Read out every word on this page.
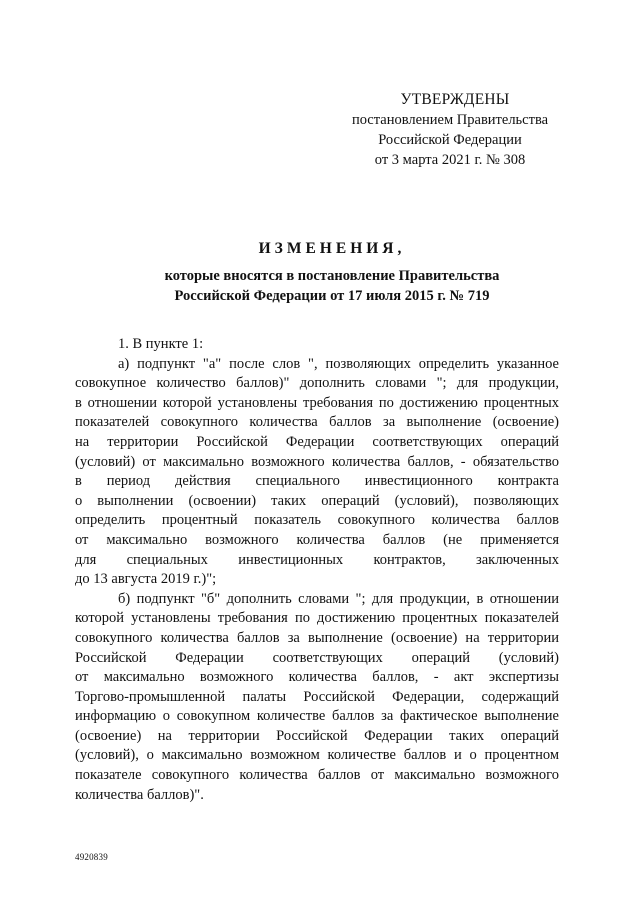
УТВЕРЖДЕНЫ
постановлением Правительства
Российской Федерации
от 3 марта 2021 г. № 308
ИЗМЕНЕНИЯ,
которые вносятся в постановление Правительства
Российской Федерации от 17 июля 2015 г. № 719

1. В пункте 1:

а) подпункт "а" после слов ", позволяющих определить указанное
совокупное количество баллов)" дополнить словами "; для продукции,
в отношении которой установлены требования по достижению процентных
показателей совокупного количества баллов за выполнение (освоение)
на территории Российской Федерации соответствующих операций
(условий) от максимально возможного количества баллов, - обязательство
в период действия специального инвестиционного контракта
о выполнении (освоении) таких операций (условий), позволяющих
определить процентный показатель совокупного количества баллов
от максимально возможного количества баллов (не применяется
для специальных инвестиционных контрактов, заключенных
до 13 августа 2019 г.)";
б) подпункт "б" дополнить словами "; для продукции, в отношении
которой установлены требования по достижению процентных показателей
совокупного количества баллов за выполнение (освоение) на территории
Российской Федерации соответствующих операций (условий)
от максимально возможного количества баллов, - акт экспертизы
Торгово-промышленной палаты Российской Федерации, содержащий
информацию о совокупном количестве баллов за фактическое выполнение
(освоение) на территории Российской Федерации таких операций
(условий), о максимально возможном количестве баллов и о процентном
показателе совокупного количества баллов от максимально возможного
количества баллов)".
4920839
